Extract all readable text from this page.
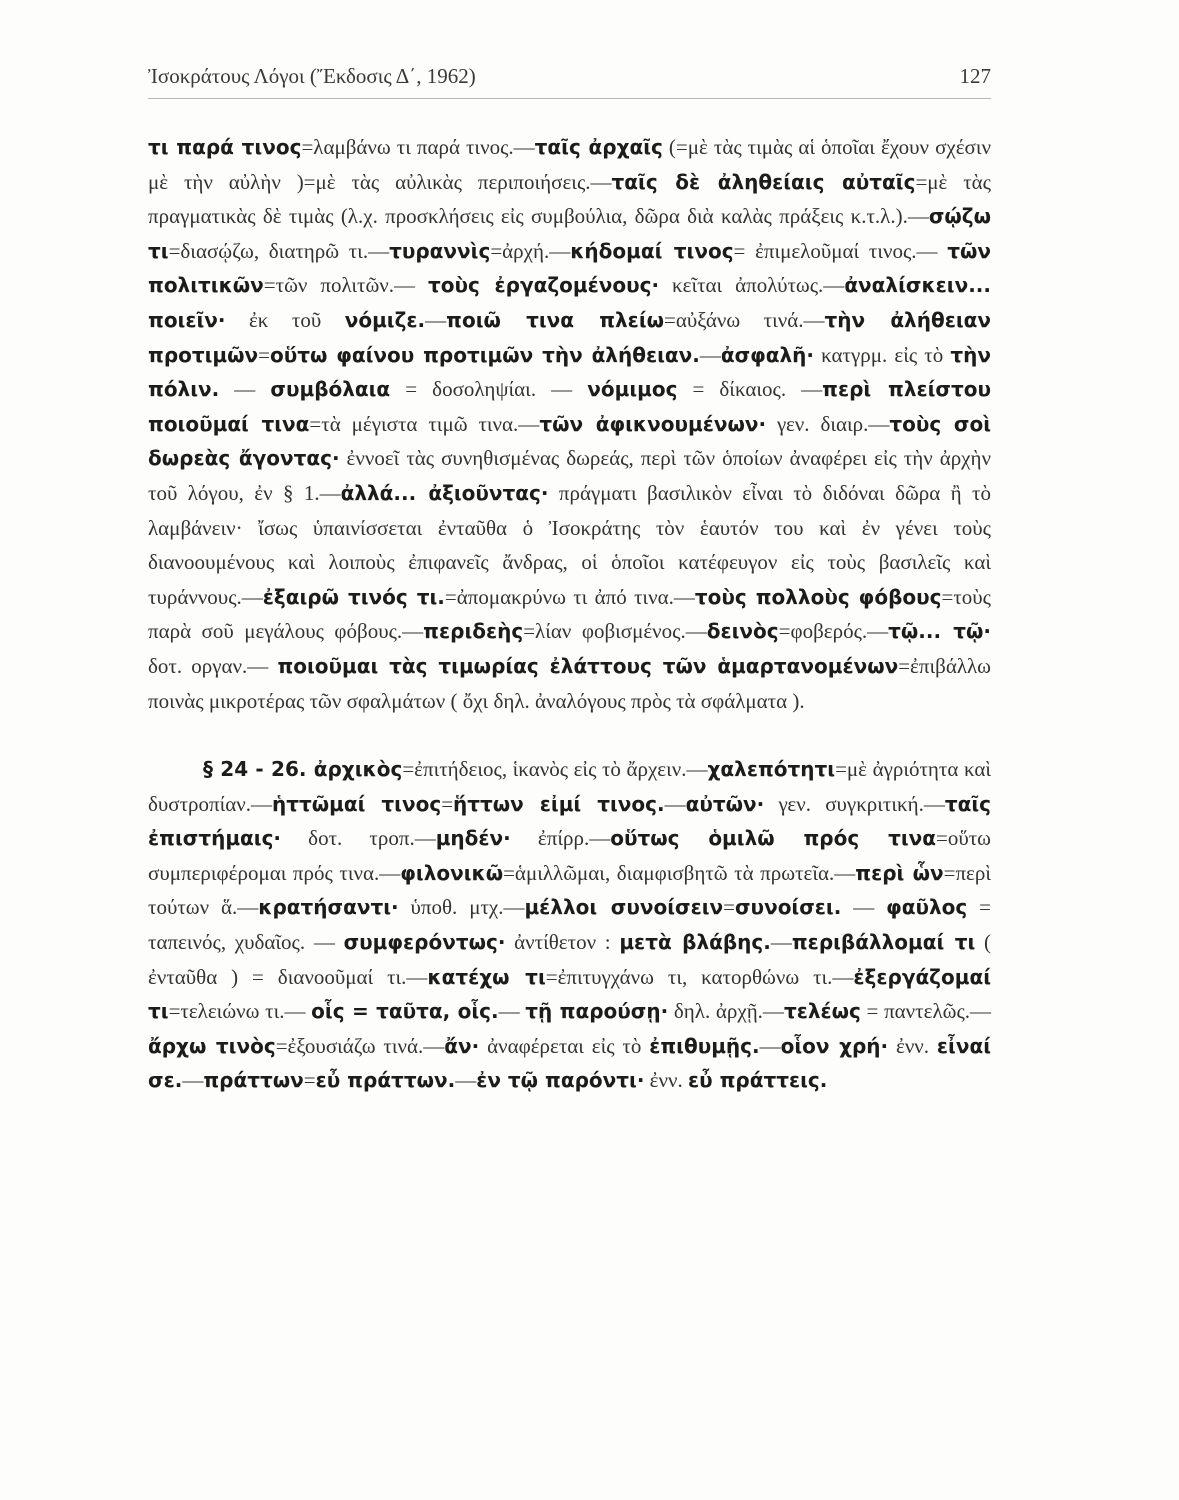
Ἰσοκράτους Λόγοι (Ἔκδοσις Δ΄, 1962)	127

τι παρά τινος=λαμβάνω τι παρά τινος.—ταῖς ἀρχαῖς (=μὲ τὰς τιμὰς αἱ ὁποῖαι ἔχουν σχέσιν μὲ τὴν αὐλὴν )=μὲ τὰς αὐλικὰς περιποιήσεις.—ταῖς δὲ ἀληθείαις αὐταῖς=μὲ τὰς πραγματικὰς δὲ τιμὰς (λ.χ. προσκλήσεις εἰς συμβούλια, δῶρα διὰ καλὰς πράξεις κ.τ.λ.).—σῴζω τι=διασῴζω, διατηρῶ τι.—τυραννὶς=ἀρχή.—κήδομαί τινος= ἐπιμελοῦμαί τινος.— τῶν πολιτικῶν=τῶν πολιτῶν.— τοὺς ἐργαζομένους· κεῖται ἀπολύτως.—ἀναλίσκειν... ποιεῖν· ἐκ τοῦ νόμιζε.—ποιῶ τινα πλείω=αὐξάνω τινά.—τὴν ἀλήθειαν προτιμῶν=οὕτω φαίνου προτιμῶν τὴν ἀλήθειαν.—ἀσφαλῆ· κατγρμ. εἰς τὸ τὴν πόλιν. — συμβόλαια = δοσοληψίαι. — νόμιμος = δίκαιος. —περὶ πλείστου ποιοῦμαί τινα=τὰ μέγιστα τιμῶ τινα.—τῶν ἀφικνουμένων· γεν. διαιρ.—τοὺς σοὶ δωρεὰς ἄγοντας· ἐννοεῖ τὰς συνηθισμένας δωρεάς, περὶ τῶν ὁποίων ἀναφέρει εἰς τὴν ἀρχὴν τοῦ λόγου, ἐν § 1.—ἀλλά... ἀξιοῦντας· πράγματι βασιλικὸν εἶναι τὸ διδόναι δῶρα ἢ τὸ λαμβάνειν· ἴσως ὑπαινίσσεται ἐνταῦθα ὁ Ἰσοκράτης τὸν ἑαυτόν του καὶ ἐν γένει τοὺς διανοουμένους καὶ λοιποὺς ἐπιφανεῖς ἄνδρας, οἱ ὁποῖοι κατέφευγον εἰς τοὺς βασιλεῖς καὶ τυράννους.—ἐξαιρῶ τινός τι.=ἀπομακρύνω τι ἀπό τινα.—τοὺς πολλοὺς φόβους=τοὺς παρὰ σοῦ μεγάλους φόβους.—περιδεὴς=λίαν φοβισμένος.—δεινὸς=φοβερός.—τῷ... τῷ· δοτ. οργαν.— ποιοῦμαι τὰς τιμωρίας ἐλάττους τῶν ἁμαρτανομένων=ἐπιβάλλω ποινὰς μικροτέρας τῶν σφαλμάτων ( ὄχι δηλ. ἀναλόγους πρὸς τὰ σφάλματα ).

§ 24 - 26. ἀρχικὸς=ἐπιτήδειος, ἱκανὸς εἰς τὸ ἄρχειν.—χαλεπότητι=μὲ ἀγριότητα καὶ δυστροπίαν.—ἡττῶμαί τινος=ἥττων εἰμί τινος.—αὐτῶν· γεν. συγκριτική.—ταῖς ἐπιστήμαις· δοτ. τροπ.—μηδέν· ἐπίρρ.—οὕτως ὁμιλῶ πρός τινα=οὕτω συμπεριφέρομαι πρός τινα.—φιλονικῶ=ἁμιλλῶμαι, διαμφισβητῶ τὰ πρωτεῖα.—περὶ ὧν=περὶ τούτων ἅ.—κρατήσαντι· ὑποθ. μτχ.—μέλλοι συνοίσειν=συνοίσει. — φαῦλος = ταπεινός, χυδαῖος. — συμφερόντως· ἀντίθετον : μετὰ βλάβης.—περιβάλλομαί τι ( ἐνταῦθα ) = διανοοῦμαί τι.—κατέχω τι=ἐπιτυγχάνω τι, κατορθώνω τι.—ἐξεργάζομαί τι=τελειώνω τι.— οἷς = ταῦτα, οἷς.— τῇ παρούσῃ· δηλ. ἀρχῇ.—τελέως = παντελῶς.—ἄρχω τινὸς=ἐξουσιάζω τινά.—ἄν· ἀναφέρεται εἰς τὸ ἐπιθυμῇς.—οἷον χρή· ἐνν. εἶναί σε.—πράττων=εὖ πράττων.—ἐν τῷ παρόντι· ἐνν. εὖ πράττεις.
